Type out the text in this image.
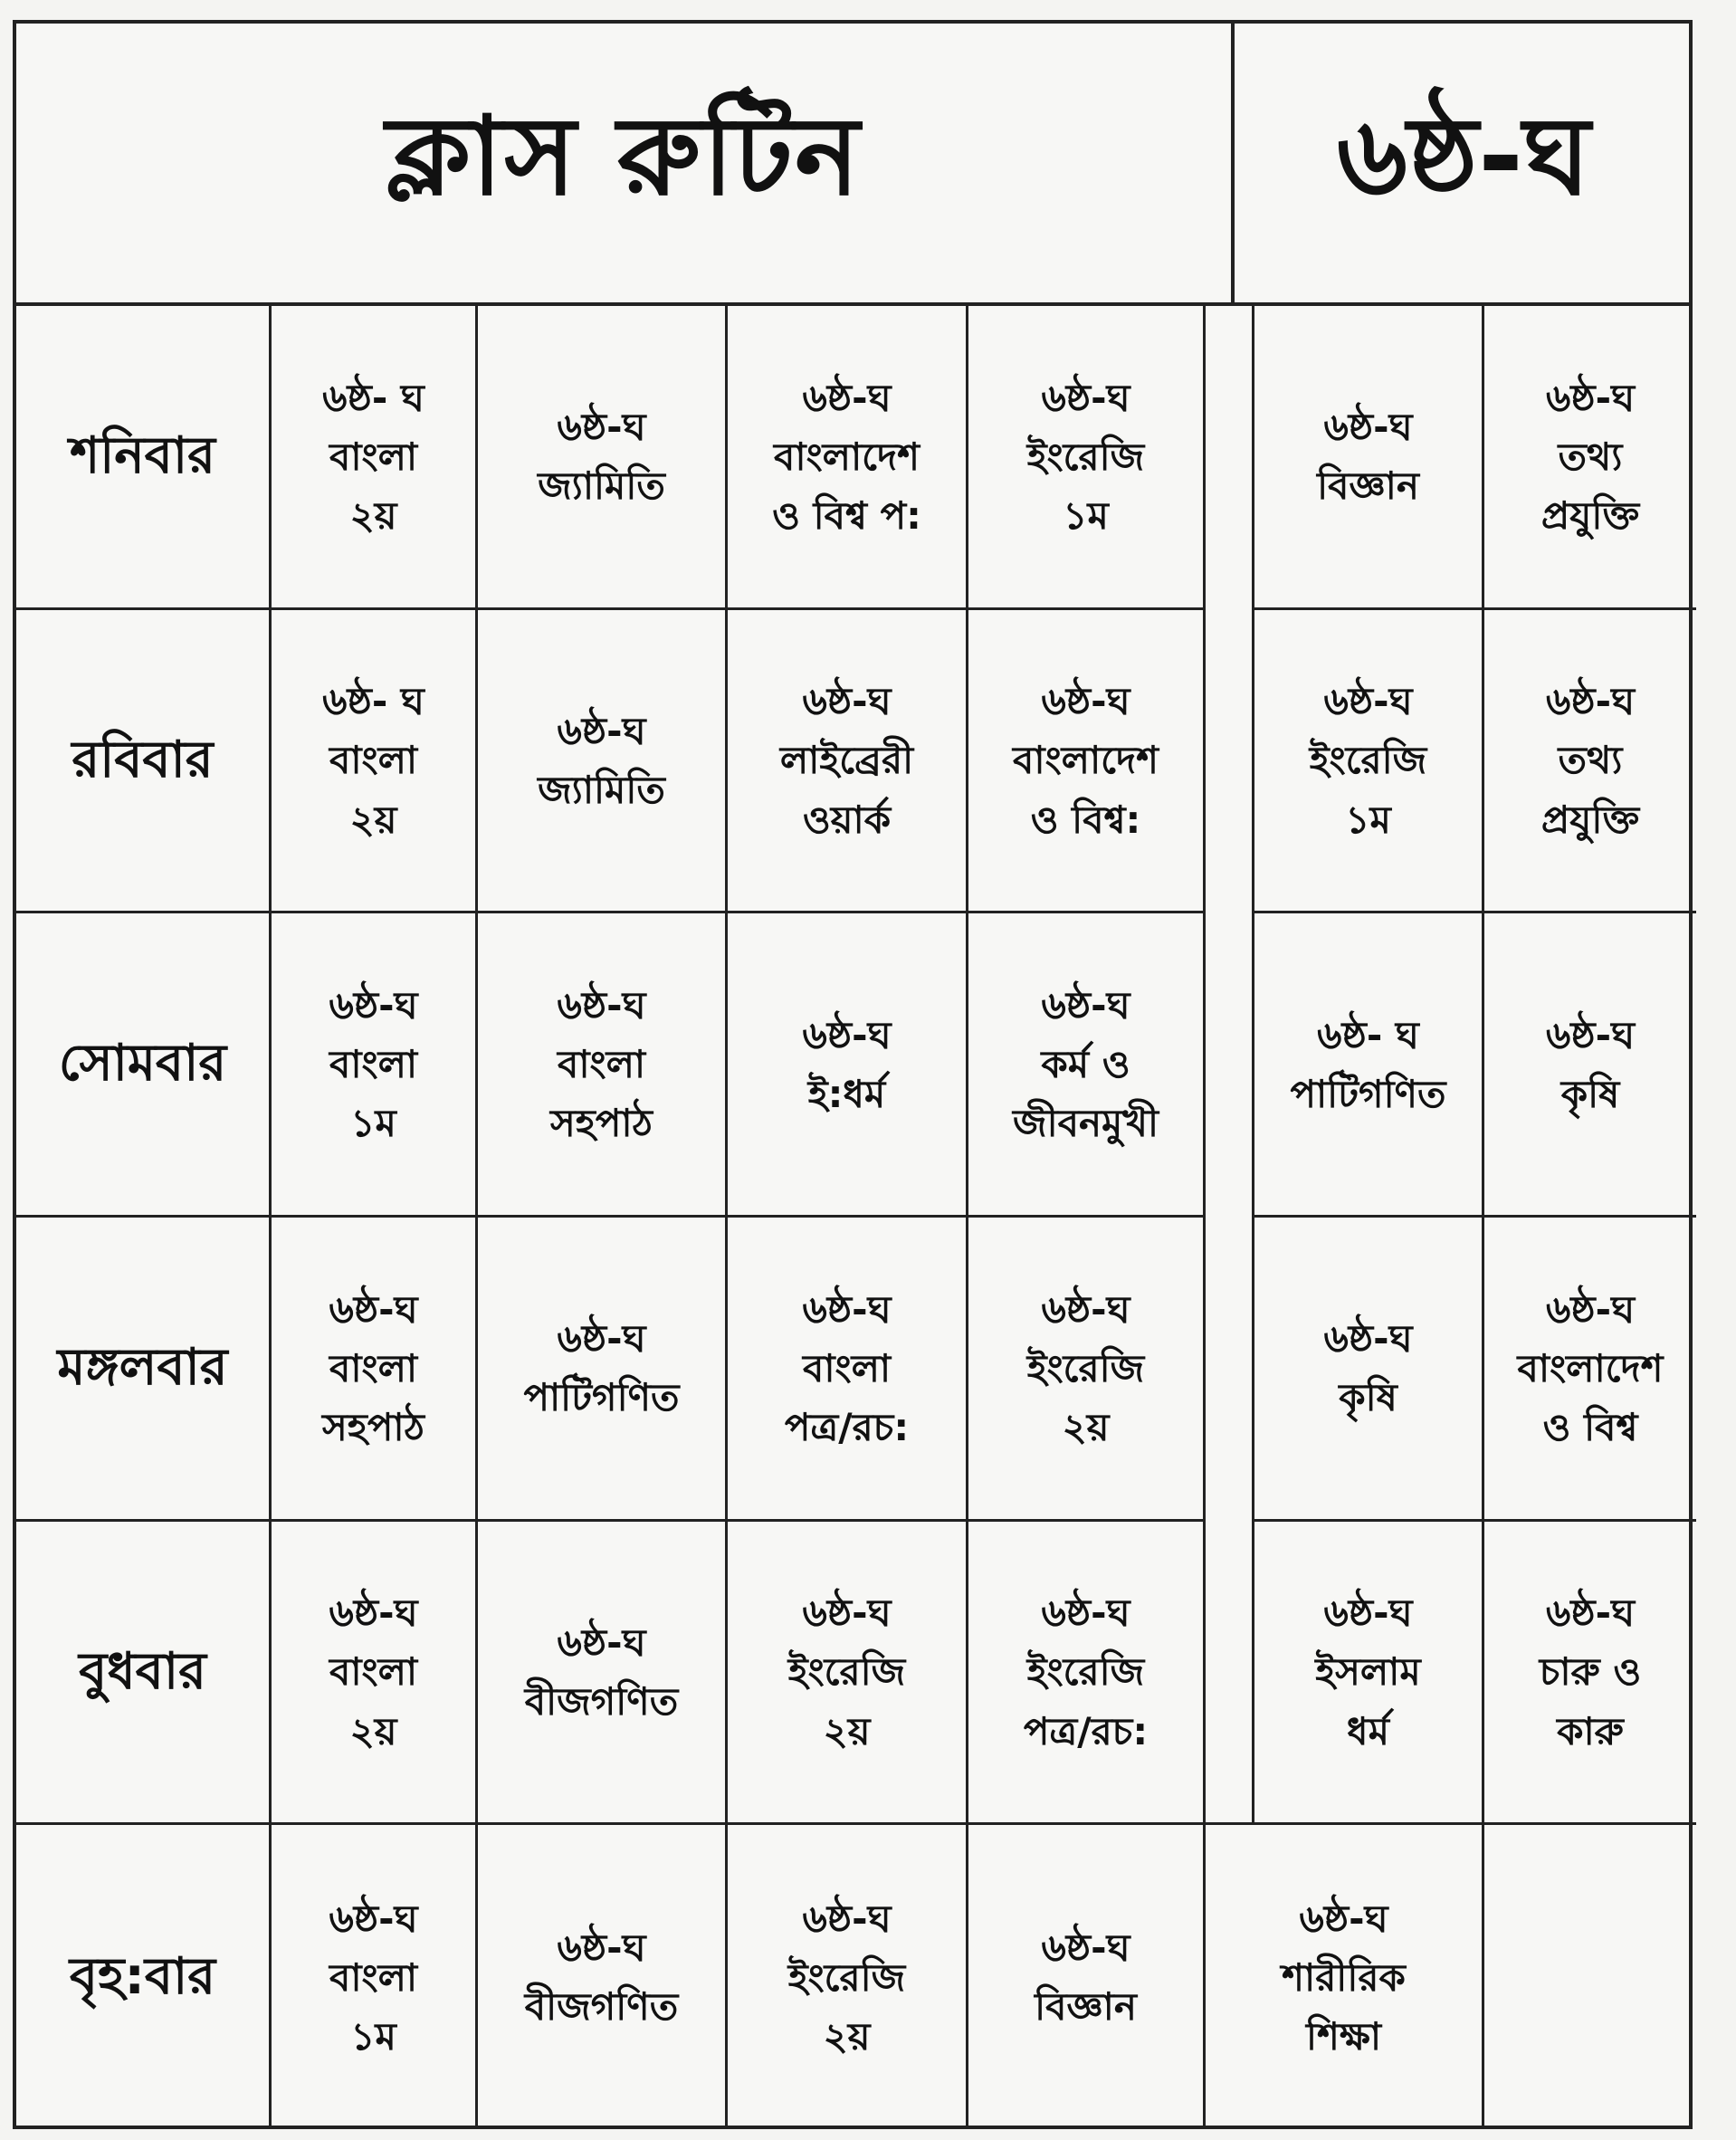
ক্লাস রুটিন	৬ষ্ঠ-ঘ
শনিবার
৬ষ্ঠ- ঘ
বাংলা
২য়
৬ষ্ঠ-ঘ
জ্যামিতি
৬ষ্ঠ-ঘ
বাংলাদেশ
ও বিশ্ব প:
৬ষ্ঠ-ঘ
ইংরেজি
১ম
৬ষ্ঠ-ঘ
বিজ্ঞান
৬ষ্ঠ-ঘ
তথ্য
প্রযুক্তি
রবিবার
৬ষ্ঠ- ঘ
বাংলা
২য়
৬ষ্ঠ-ঘ
জ্যামিতি
৬ষ্ঠ-ঘ
লাইব্রেরী
ওয়ার্ক
৬ষ্ঠ-ঘ
বাংলাদেশ
ও বিশ্ব:
৬ষ্ঠ-ঘ
ইংরেজি
১ম
৬ষ্ঠ-ঘ
তথ্য
প্রযুক্তি
সোমবার
৬ষ্ঠ-ঘ
বাংলা
১ম
৬ষ্ঠ-ঘ
বাংলা
সহপাঠ
৬ষ্ঠ-ঘ
ই:ধর্ম
৬ষ্ঠ-ঘ
কর্ম ও
জীবনমুখী
৬ষ্ঠ- ঘ
পাটিগণিত
৬ষ্ঠ-ঘ
কৃষি
মঙ্গলবার
৬ষ্ঠ-ঘ
বাংলা
সহপাঠ
৬ষ্ঠ-ঘ
পাটিগণিত
৬ষ্ঠ-ঘ
বাংলা
পত্র/রচ:
৬ষ্ঠ-ঘ
ইংরেজি
২য়
৬ষ্ঠ-ঘ
কৃষি
৬ষ্ঠ-ঘ
বাংলাদেশ
ও বিশ্ব
বুধবার
৬ষ্ঠ-ঘ
বাংলা
২য়
৬ষ্ঠ-ঘ
বীজগণিত
৬ষ্ঠ-ঘ
ইংরেজি
২য়
৬ষ্ঠ-ঘ
ইংরেজি
পত্র/রচ:
৬ষ্ঠ-ঘ
ইসলাম
ধর্ম
৬ষ্ঠ-ঘ
চারু ও
কারু
বৃহ:বার
৬ষ্ঠ-ঘ
বাংলা
১ম
৬ষ্ঠ-ঘ
বীজগণিত
৬ষ্ঠ-ঘ
ইংরেজি
২য়
৬ষ্ঠ-ঘ
বিজ্ঞান
৬ষ্ঠ-ঘ
শারীরিক
শিক্ষা
